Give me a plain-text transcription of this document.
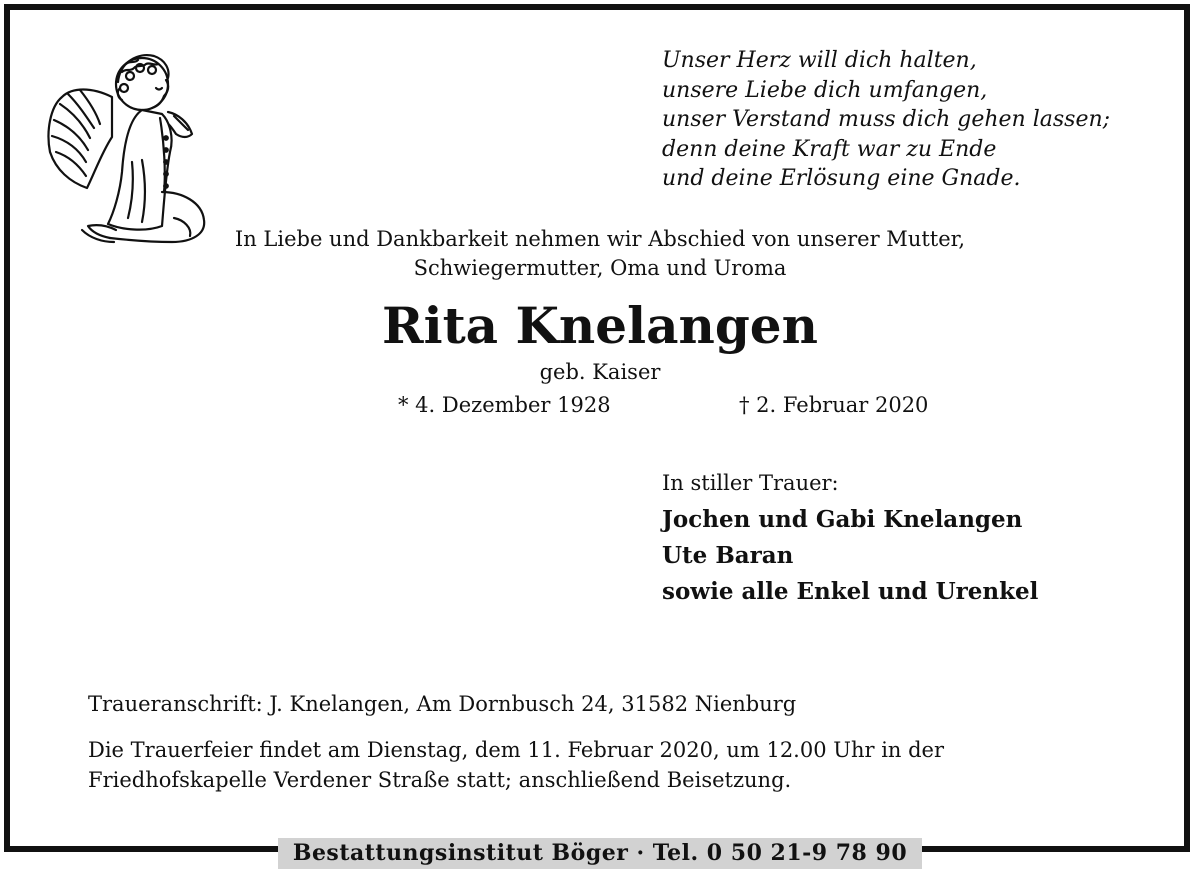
Unser Herz will dich halten,
unsere Liebe dich umfangen,
unser Verstand muss dich gehen lassen;
denn deine Kraft war zu Ende
und deine Erlösung eine Gnade.
In Liebe und Dankbarkeit nehmen wir Abschied von unserer Mutter,
Schwiegermutter, Oma und Uroma
Rita Knelangen
geb. Kaiser
* 4. Dezember 1928	† 2. Februar 2020
In stiller Trauer:
Jochen und Gabi Knelangen
Ute Baran
sowie alle Enkel und Urenkel
Traueranschrift: J. Knelangen, Am Dornbusch 24, 31582 Nienburg
Die Trauerfeier findet am Dienstag, dem 11. Februar 2020, um 12.00 Uhr in der
Friedhofskapelle Verdener Straße statt; anschließend Beisetzung.
Bestattungsinstitut Böger · Tel. 0 50 21-9 78 90
